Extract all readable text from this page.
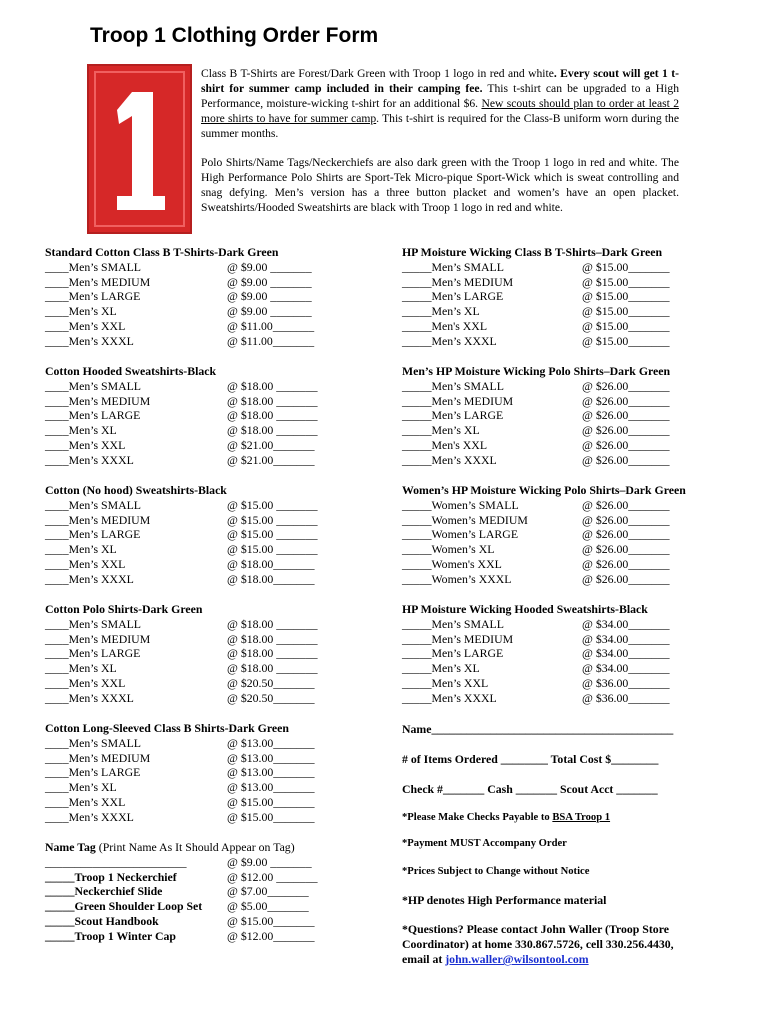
Troop 1 Clothing Order Form

Class B T-Shirts are Forest/Dark Green with Troop 1 logo in red and white. Every scout will get 1 t-shirt for summer camp included in their camping fee. This t-shirt can be upgraded to a High Performance, moisture-wicking t-shirt for an additional $6. New scouts should plan to order at least 2 more shirts to have for summer camp. This t-shirt is required for the Class-B uniform worn during the summer months.

Polo Shirts/Name Tags/Neckerchiefs are also dark green with the Troop 1 logo in red and white. The High Performance Polo Shirts are Sport-Tek Micro-pique Sport-Wick which is sweat controlling and snag defying. Men’s version has a three button placket and women’s have an open placket. Sweatshirts/Hooded Sweatshirts are black with Troop 1 logo in red and white.

Standard Cotton Class B T-Shirts-Dark Green
____Men’s SMALL	@ $9.00 _______
____Men’s MEDIUM	@ $9.00 _______
____Men’s LARGE	@ $9.00 _______
____Men’s XL	@ $9.00 _______
____Men’s XXL	@ $11.00_______
____Men’s XXXL	@ $11.00_______
Cotton Hooded Sweatshirts-Black
____Men’s SMALL	@ $18.00 _______
____Men’s MEDIUM	@ $18.00 _______
____Men’s LARGE	@ $18.00 _______
____Men’s XL	@ $18.00 _______
____Men’s XXL	@ $21.00_______
____Men’s XXXL	@ $21.00_______
Cotton (No hood) Sweatshirts-Black
____Men’s SMALL	@ $15.00 _______
____Men’s MEDIUM	@ $15.00 _______
____Men’s LARGE	@ $15.00 _______
____Men’s XL	@ $15.00 _______
____Men’s XXL	@ $18.00_______
____Men’s XXXL	@ $18.00_______
Cotton Polo Shirts-Dark Green
____Men’s SMALL	@ $18.00 _______
____Men’s MEDIUM	@ $18.00 _______
____Men’s LARGE	@ $18.00 _______
____Men’s XL	@ $18.00 _______
____Men’s XXL	@ $20.50_______
____Men’s XXXL	@ $20.50_______
Cotton Long-Sleeved Class B Shirts-Dark Green
____Men’s SMALL	@ $13.00_______
____Men’s MEDIUM	@ $13.00_______
____Men’s LARGE	@ $13.00_______
____Men’s XL	@ $13.00_______
____Men’s XXL	@ $15.00_______
____Men’s XXXL	@ $15.00_______
HP Moisture Wicking Class B T-Shirts–Dark Green
_____Men’s SMALL	@ $15.00_______
_____Men’s MEDIUM	@ $15.00_______
_____Men’s LARGE	@ $15.00_______
_____Men’s XL	@ $15.00_______
_____Men's XXL	@ $15.00_______
_____Men’s XXXL	@ $15.00_______
Men’s HP Moisture Wicking Polo Shirts–Dark Green
_____Men’s SMALL	@ $26.00_______
_____Men’s MEDIUM	@ $26.00_______
_____Men’s LARGE	@ $26.00_______
_____Men’s XL	@ $26.00_______
_____Men's XXL	@ $26.00_______
_____Men’s XXXL	@ $26.00_______
Women’s HP Moisture Wicking Polo Shirts–Dark Green
_____Women’s SMALL	@ $26.00_______
_____Women’s MEDIUM	@ $26.00_______
_____Women’s LARGE	@ $26.00_______
_____Women’s XL	@ $26.00_______
_____Women's XXL	@ $26.00_______
_____Women’s XXXL	@ $26.00_______
HP Moisture Wicking Hooded Sweatshirts-Black
_____Men’s SMALL	@ $34.00_______
_____Men’s MEDIUM	@ $34.00_______
_____Men’s LARGE	@ $34.00_______
_____Men’s XL	@ $34.00_______
_____Men’s XXL	@ $36.00_______
_____Men’s XXXL	@ $36.00_______
Name Tag (Print Name As It Should Appear on Tag)
________________________	@ $9.00 _______
_____Troop 1 Neckerchief	@ $12.00 _______
_____Neckerchief Slide	@ $7.00_______
_____Green Shoulder Loop Set	@ $5.00_______
_____Scout Handbook	@ $15.00_______
_____Troop 1 Winter Cap	@ $12.00_______
Name_________________________________________
# of Items Ordered ________ Total Cost $________
Check #_______ Cash _______ Scout Acct _______
*Please Make Checks Payable to BSA Troop 1
*Payment MUST Accompany Order
*Prices Subject to Change without Notice
*HP denotes High Performance material
*Questions? Please contact John Waller (Troop Store Coordinator) at home 330.867.5726, cell 330.256.4430, email at john.waller@wilsontool.com
